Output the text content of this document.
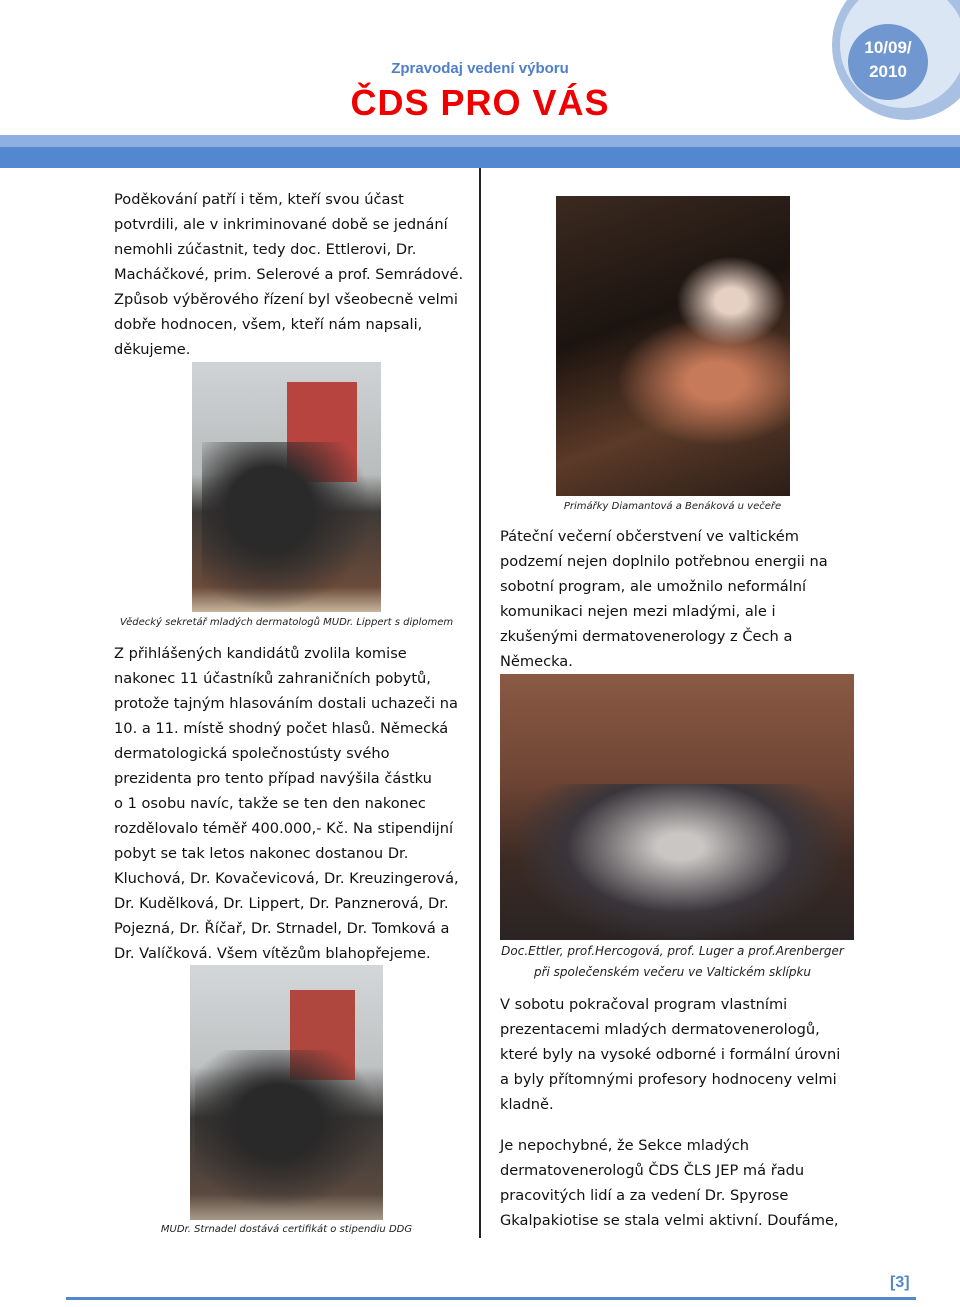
10/09/
2010
Zpravodaj vedení výboru
ČDS PRO VÁS
Poděkování patří i těm, kteří svou účast
potvrdili, ale v inkriminované době se jednání
nemohli zúčastnit, tedy doc. Ettlerovi, Dr.
Macháčkové, prim. Selerové a prof. Semrádové.
Způsob výběrového řízení byl všeobecně velmi
dobře hodnocen, všem, kteří nám napsali,
děkujeme.
Vědecký sekretář mladých dermatologů MUDr. Lippert s diplomem
Z přihlášených kandidátů zvolila komise
nakonec 11 účastníků zahraničních pobytů,
protože tajným hlasováním dostali uchazeči na
10. a 11. místě shodný počet hlasů. Německá
dermatologická společnostústy svého
prezidenta pro tento případ navýšila částku
o 1 osobu navíc, takže se ten den nakonec
rozdělovalo téměř 400.000,- Kč. Na stipendijní
pobyt se tak letos nakonec dostanou Dr.
Kluchová, Dr. Kovačevicová, Dr. Kreuzingerová,
Dr. Kudělková, Dr. Lippert, Dr. Panznerová, Dr.
Pojezná, Dr. Říčař, Dr. Strnadel, Dr. Tomková a
Dr. Valíčková. Všem vítězům blahopřejeme.
MUDr. Strnadel dostává certifikát o stipendiu DDG
Primářky Diamantová a Benáková u večeře
Páteční večerní občerstvení ve valtickém
podzemí nejen doplnilo potřebnou energii na
sobotní program, ale umožnilo neformální
komunikaci nejen mezi mladými, ale i
zkušenými dermatovenerology z Čech a
Německa.
Doc.Ettler, prof.Hercogová, prof. Luger a prof.Arenberger
při společenském večeru ve Valtickém sklípku
V sobotu pokračoval program vlastními
prezentacemi mladých dermatovenerologů,
které byly na vysoké odborné i formální úrovni
a byly přítomnými profesory hodnoceny velmi
kladně.
Je nepochybné, že Sekce mladých
dermatovenerologů ČDS ČLS JEP má řadu
pracovitých lidí a za vedení Dr. Spyrose
Gkalpakiotise se stala velmi aktivní. Doufáme,
[3]
